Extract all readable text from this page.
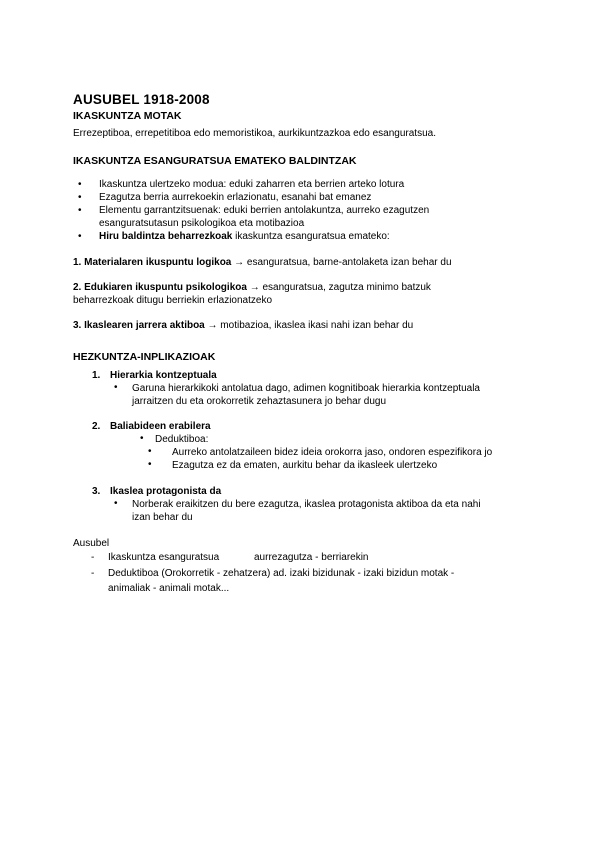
AUSUBEL 1918-2008
IKASKUNTZA MOTAK
Errezeptiboa, errepetitiboa edo memoristikoa, aurkikuntzazkoa edo esanguratsua.
IKASKUNTZA ESANGURATSUA EMATEKO BALDINTZAK
• Ikaskuntza ulertzeko modua: eduki zaharren eta berrien arteko lotura
• Ezagutza berria aurrekoekin erlazionatu, esanahi bat emanez
• Elementu garrantzitsuenak: eduki berrien antolakuntza, aurreko ezagutzen
esanguratsutasun psikologikoa eta motibazioa
• Hiru baldintza beharrezkoak ikaskuntza esanguratsua emateko:
1. Materialaren ikuspuntu logikoa → esanguratsua, barne-antolaketa izan behar du
2. Edukiaren ikuspuntu psikologikoa → esanguratsua, zagutza minimo batzuk
beharrezkoak ditugu berriekin erlazionatzeko
3. Ikaslearen jarrera aktiboa → motibazioa, ikaslea ikasi nahi izan behar du
HEZKUNTZA-INPLIKAZIOAK
1. Hierarkia kontzeptuala
• Garuna hierarkikoki antolatua dago, adimen kognitiboak hierarkia kontzeptuala
jarraitzen du eta orokorretik zehaztasunera jo behar dugu
2. Baliabideen erabilera
• Deduktiboa:
• Aurreko antolatzaileen bidez ideia orokorra jaso, ondoren espezifikora jo
• Ezagutza ez da ematen, aurkitu behar da ikasleek ulertzeko
3. Ikaslea protagonista da
• Norberak eraikitzen du bere ezagutza, ikaslea protagonista aktiboa da eta nahi
izan behar du
Ausubel
- Ikaskuntza esanguratsua	aurrezagutza - berriarekin
- Deduktiboa (Orokorretik - zehatzera) ad. izaki bizidunak - izaki bizidun motak -
animaliak - animali motak...
